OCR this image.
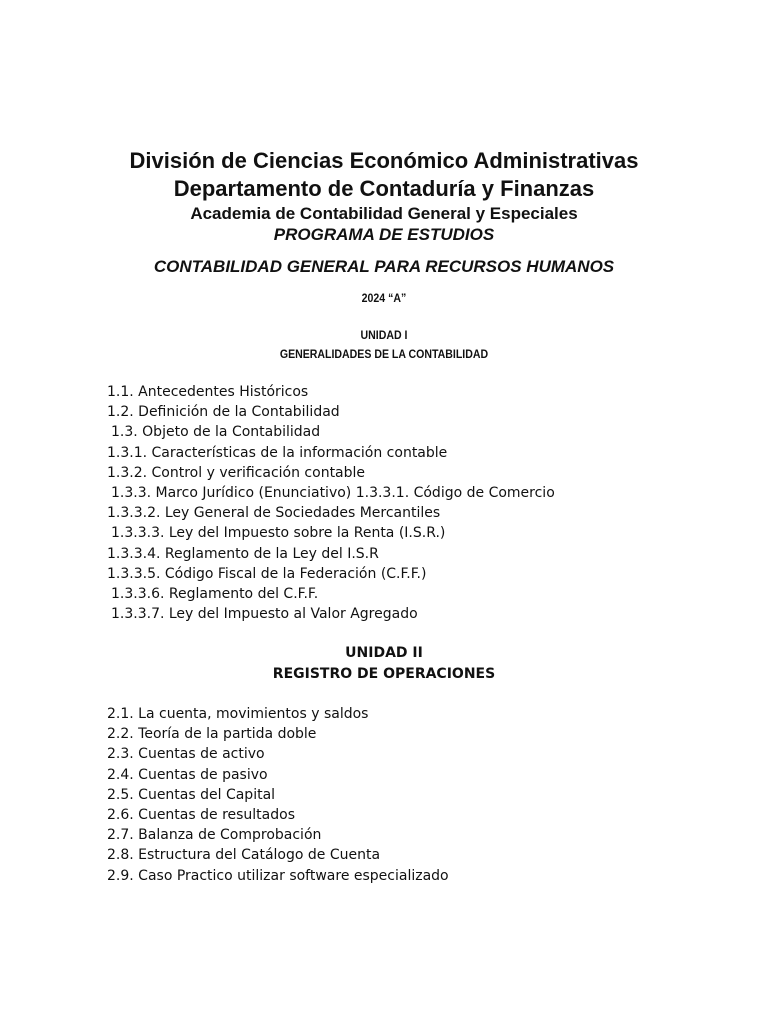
División de Ciencias Económico Administrativas
Departamento de Contaduría y Finanzas
Academia de Contabilidad General y Especiales
PROGRAMA DE ESTUDIOS
CONTABILIDAD GENERAL PARA RECURSOS HUMANOS
2024 “A”
UNIDAD I
GENERALIDADES DE LA CONTABILIDAD
1.1. Antecedentes Históricos
1.2. Definición de la Contabilidad
1.3. Objeto de la Contabilidad
1.3.1. Características de la información contable
1.3.2. Control y verificación contable
1.3.3. Marco Jurídico (Enunciativo) 1.3.3.1. Código de Comercio
1.3.3.2. Ley General de Sociedades Mercantiles
1.3.3.3. Ley del Impuesto sobre la Renta (I.S.R.)
1.3.3.4. Reglamento de la Ley del I.S.R
1.3.3.5. Código Fiscal de la Federación (C.F.F.)
1.3.3.6. Reglamento del C.F.F.
1.3.3.7. Ley del Impuesto al Valor Agregado
UNIDAD II
REGISTRO DE OPERACIONES
2.1. La cuenta, movimientos y saldos
2.2. Teoría de la partida doble
2.3. Cuentas de activo
2.4. Cuentas de pasivo
2.5. Cuentas del Capital
2.6. Cuentas de resultados
2.7. Balanza de Comprobación
2.8. Estructura del Catálogo de Cuenta
2.9. Caso Practico utilizar software especializado
